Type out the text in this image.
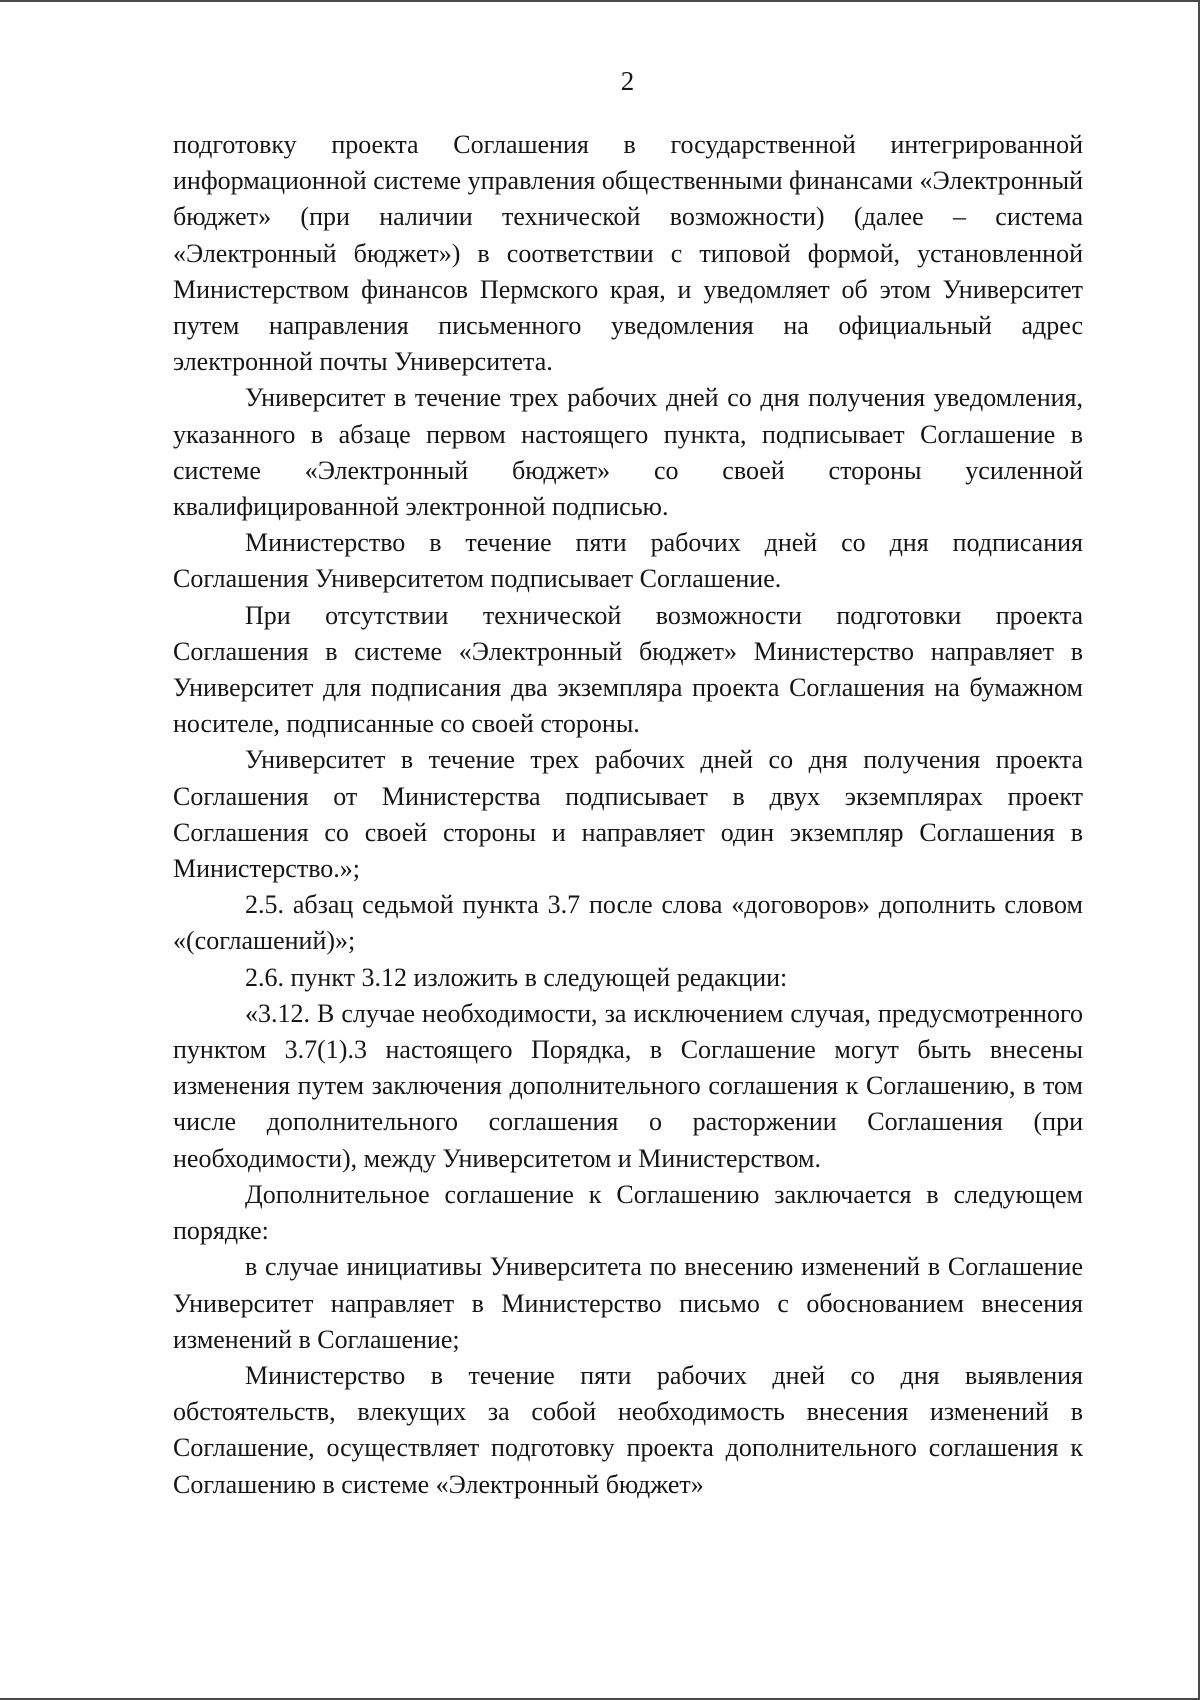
2

подготовку проекта Соглашения в государственной интегрированной информационной системе управления общественными финансами «Электронный бюджет» (при наличии технической возможности) (далее – система «Электронный бюджет») в соответствии с типовой формой, установленной Министерством финансов Пермского края, и уведомляет об этом Университет путем направления письменного уведомления на официальный адрес электронной почты Университета.

Университет в течение трех рабочих дней со дня получения уведомления, указанного в абзаце первом настоящего пункта, подписывает Соглашение в системе «Электронный бюджет» со своей стороны усиленной квалифицированной электронной подписью.

Министерство в течение пяти рабочих дней со дня подписания Соглашения Университетом подписывает Соглашение.

При отсутствии технической возможности подготовки проекта Соглашения в системе «Электронный бюджет» Министерство направляет в Университет для подписания два экземпляра проекта Соглашения на бумажном носителе, подписанные со своей стороны.

Университет в течение трех рабочих дней со дня получения проекта Соглашения от Министерства подписывает в двух экземплярах проект Соглашения со своей стороны и направляет один экземпляр Соглашения в Министерство.»;

2.5. абзац седьмой пункта 3.7 после слова «договоров» дополнить словом «(соглашений)»;

2.6. пункт 3.12 изложить в следующей редакции:

«3.12. В случае необходимости, за исключением случая, предусмотренного пунктом 3.7(1).3 настоящего Порядка, в Соглашение могут быть внесены изменения путем заключения дополнительного соглашения к Соглашению, в том числе дополнительного соглашения о расторжении Соглашения (при необходимости), между Университетом и Министерством.

Дополнительное соглашение к Соглашению заключается в следующем порядке:

в случае инициативы Университета по внесению изменений в Соглашение Университет направляет в Министерство письмо с обоснованием внесения изменений в Соглашение;

Министерство в течение пяти рабочих дней со дня выявления обстоятельств, влекущих за собой необходимость внесения изменений в Соглашение, осуществляет подготовку проекта дополнительного соглашения к Соглашению в системе «Электронный бюджет»
